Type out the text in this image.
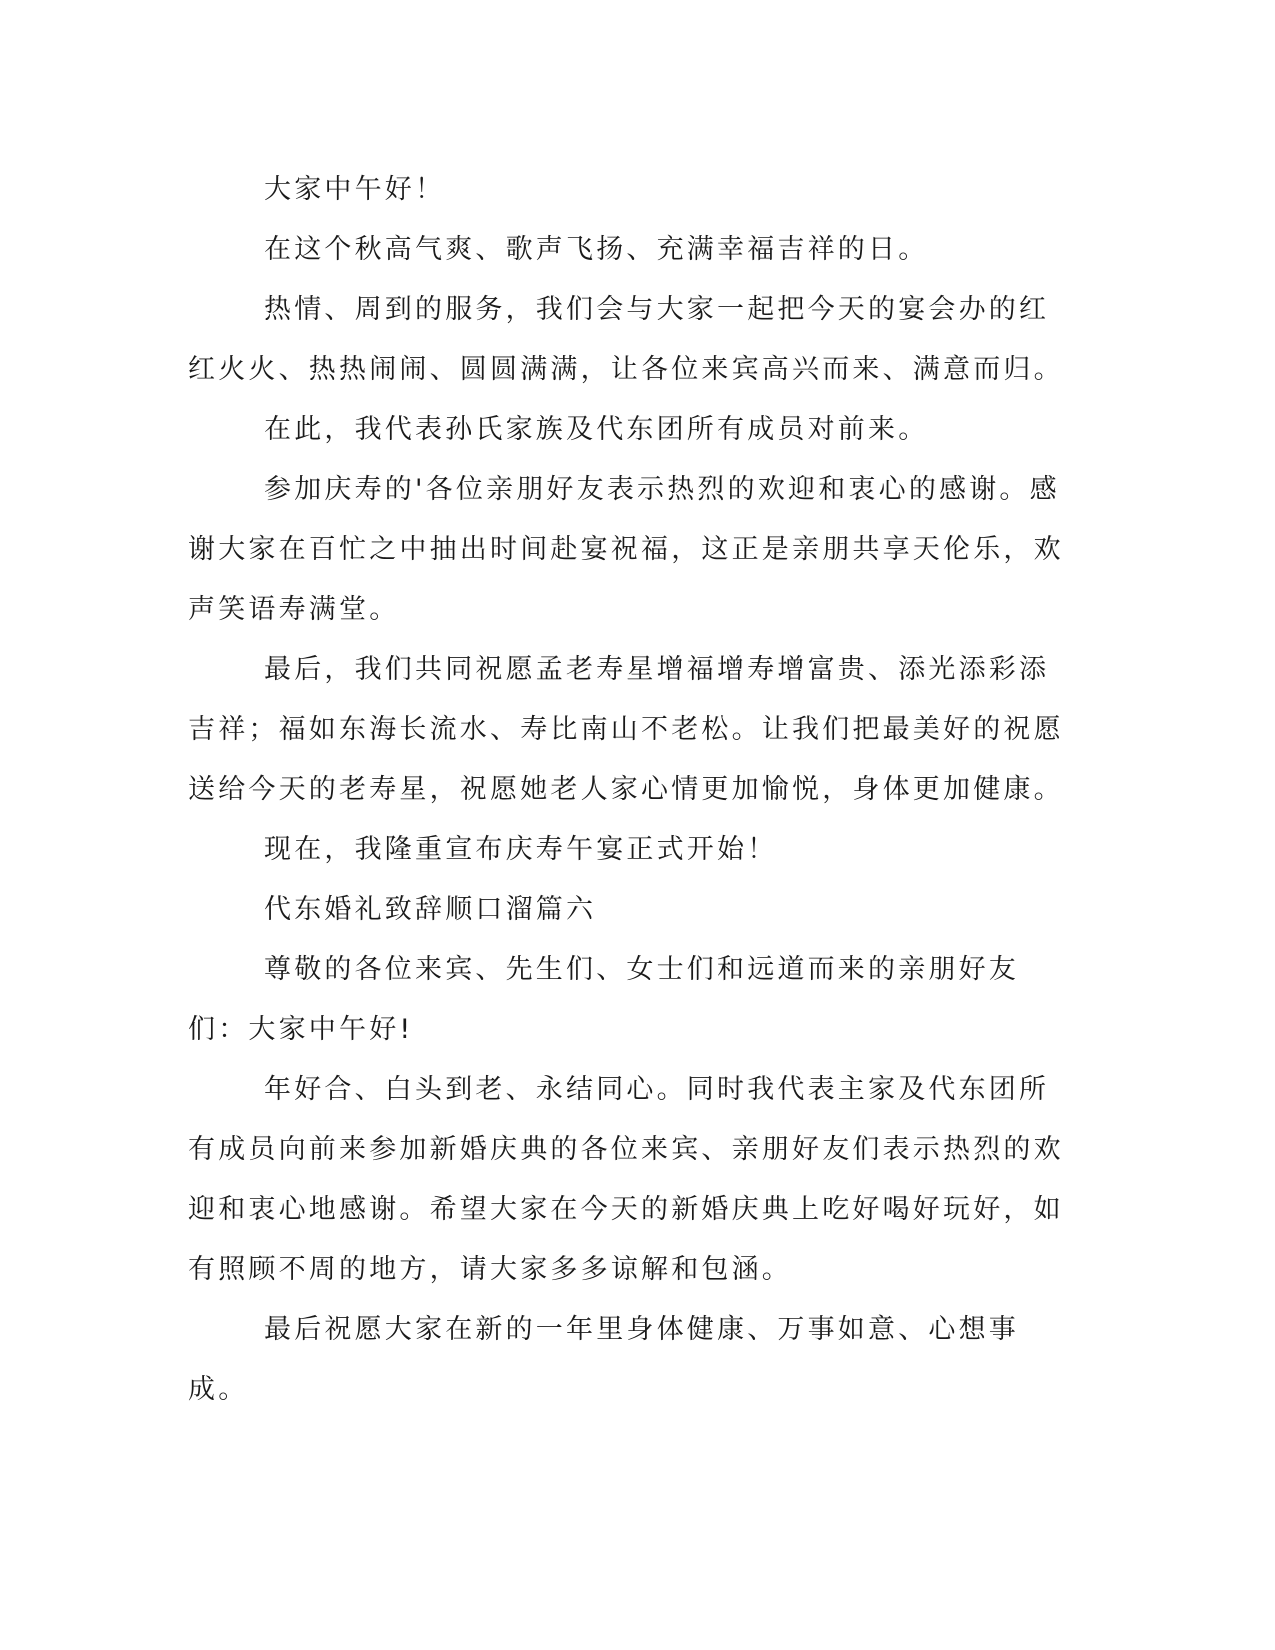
大家中午好！

在这个秋高气爽、歌声飞扬、充满幸福吉祥的日。

热情、周到的服务，我们会与大家一起把今天的宴会办的红红火火、热热闹闹、圆圆满满，让各位来宾高兴而来、满意而归。

在此，我代表孙氏家族及代东团所有成员对前来。

参加庆寿的'各位亲朋好友表示热烈的欢迎和衷心的感谢。感谢大家在百忙之中抽出时间赴宴祝福，这正是亲朋共享天伦乐，欢声笑语寿满堂。

最后，我们共同祝愿孟老寿星增福增寿增富贵、添光添彩添吉祥；福如东海长流水、寿比南山不老松。让我们把最美好的祝愿送给今天的老寿星，祝愿她老人家心情更加愉悦，身体更加健康。

现在，我隆重宣布庆寿午宴正式开始！

代东婚礼致辞顺口溜篇六

尊敬的各位来宾、先生们、女士们和远道而来的亲朋好友们：大家中午好!

年好合、白头到老、永结同心。同时我代表主家及代东团所有成员向前来参加新婚庆典的各位来宾、亲朋好友们表示热烈的欢迎和衷心地感谢。希望大家在今天的新婚庆典上吃好喝好玩好，如有照顾不周的地方，请大家多多谅解和包涵。

最后祝愿大家在新的一年里身体健康、万事如意、心想事成。
